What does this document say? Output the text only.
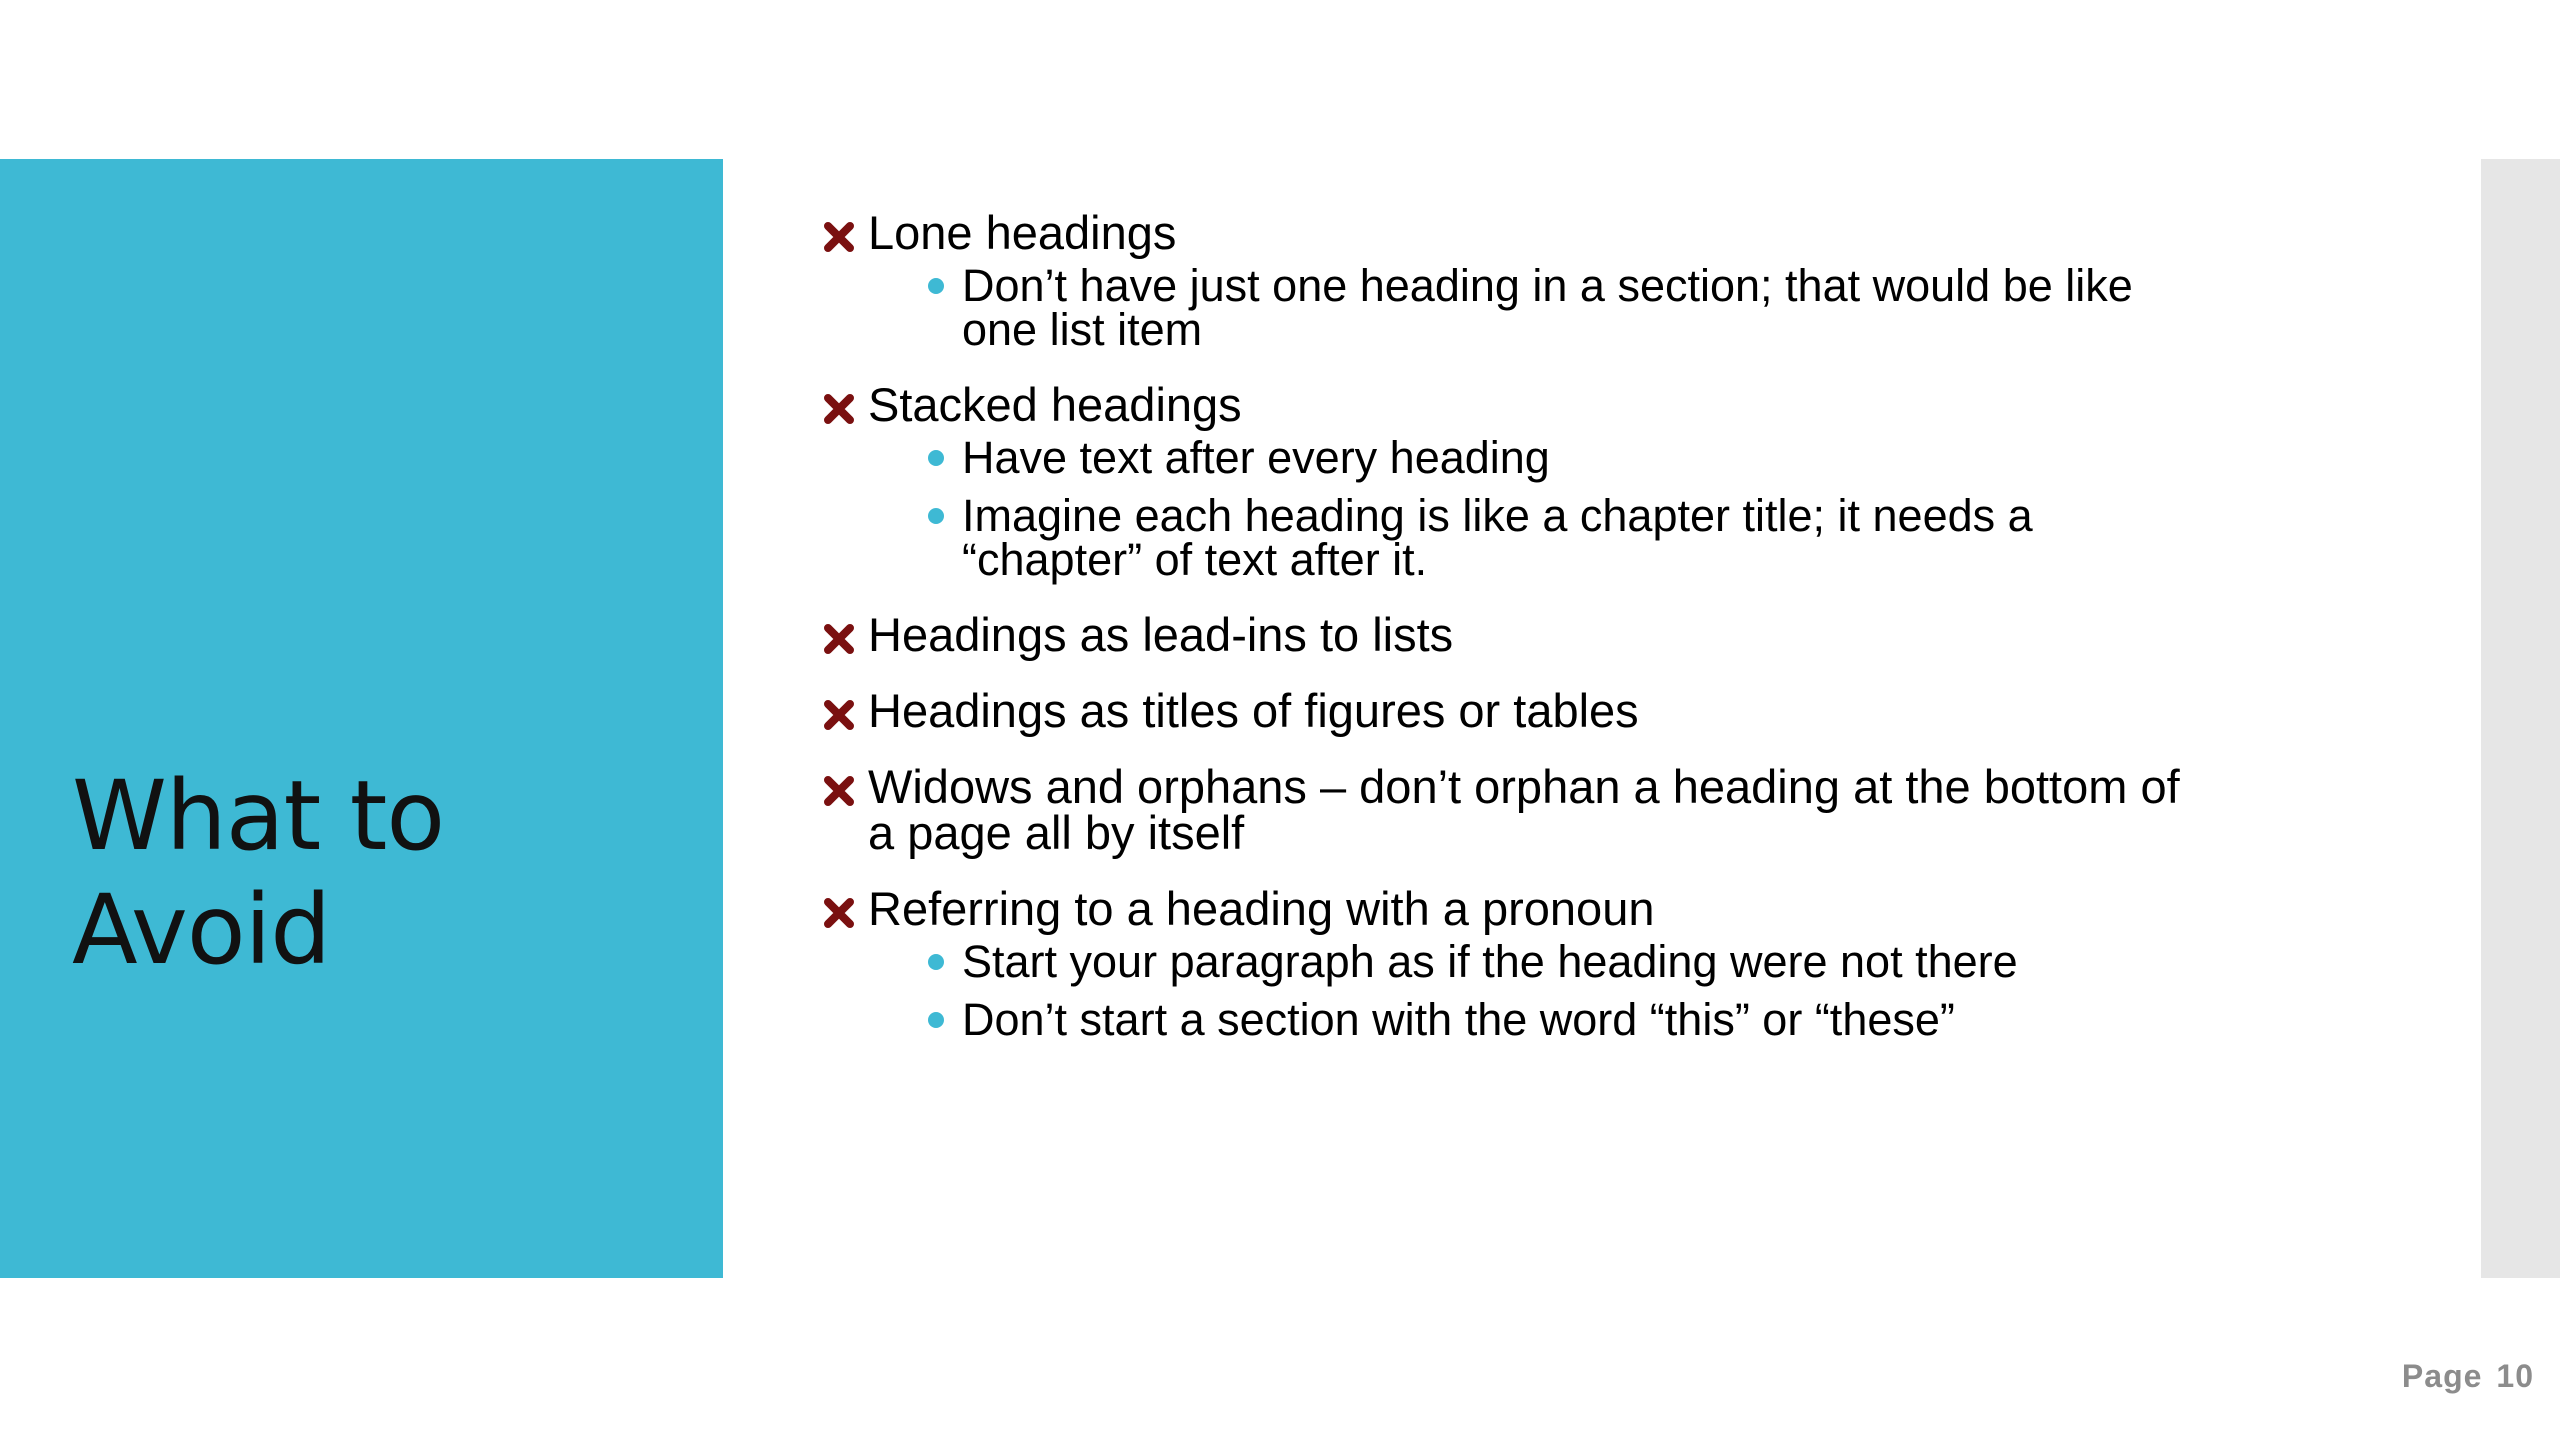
What to
Avoid
Lone headings
Don’t have just one heading in a section; that would be like one list item
Stacked headings
Have text after every heading
Imagine each heading is like a chapter title; it needs a “chapter” of text after it.
Headings as lead-ins to lists
Headings as titles of figures or tables
Widows and orphans – don’t orphan a heading at the bottom of a page all by itself
Referring to a heading with a pronoun
Start your paragraph as if the heading were not there
Don’t start a section with the word “this” or “these”
Page 10
